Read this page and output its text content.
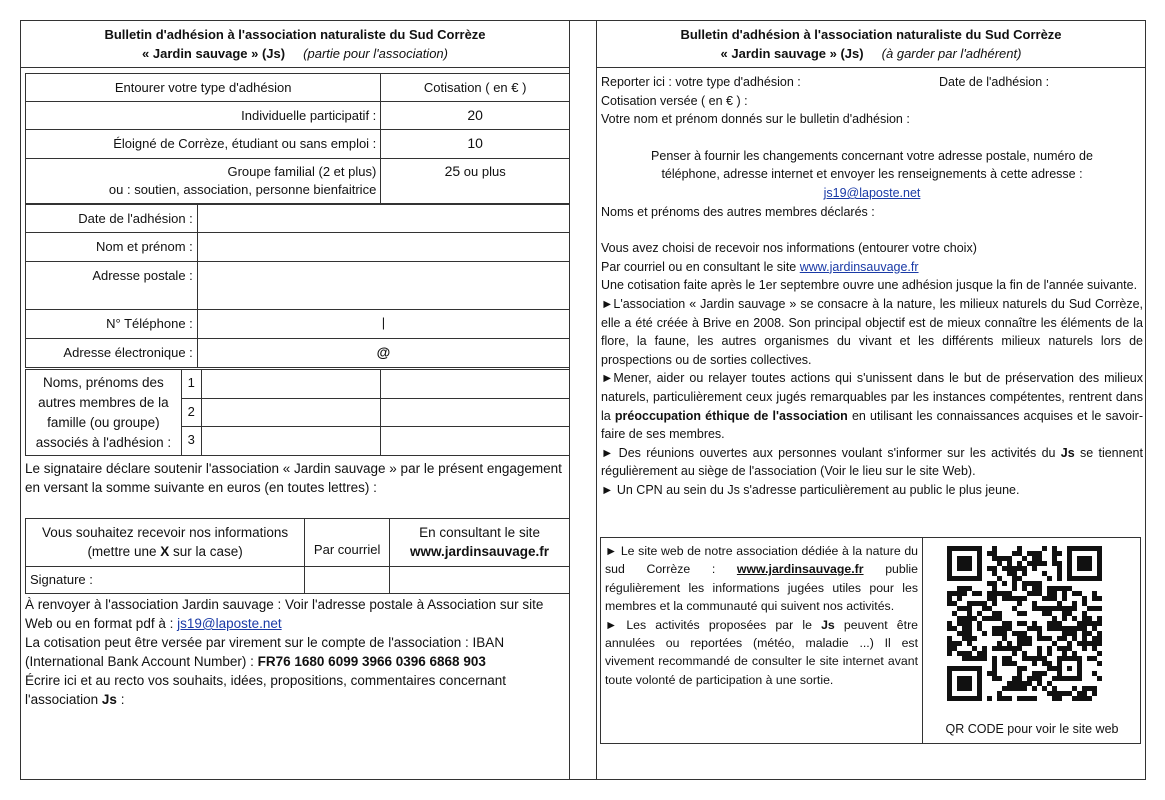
Bulletin d'adhésion à l'association naturaliste du Sud Corrèze
« Jardin sauvage » (Js) (partie pour l'association)
Entourer votre type d'adhésion	Cotisation ( en € )
Individuelle participatif :	20
Éloigné de Corrèze, étudiant ou sans emploi :	10
Groupe familial (2 et plus)
ou : soutien, association, personne bienfaitrice	25 ou plus
Date de l'adhésion :	
Nom et prénom :	
Adresse postale :	
N° Téléphone :	|
Adresse électronique :	@
Noms, prénoms des autres membres de la famille (ou groupe) associés à l'adhésion :	1		
	2		
	3		
Le signataire déclare soutenir l'association « Jardin sauvage » par le présent engagement en versant la somme suivante en euros (en toutes lettres) :
Vous souhaitez recevoir nos informations (mettre une X sur la case)	Par courriel	En consultant le site
www.jardinsauvage.fr
Signature :		
À renvoyer à l'association Jardin sauvage : Voir l'adresse postale à Association sur site Web ou en format pdf à : js19@laposte.net
La cotisation peut être versée par virement sur le compte de l'association : IBAN (International Bank Account Number) : FR76 1680 6099 3966 0396 6868 903
Écrire ici et au recto vos souhaits, idées, propositions, commentaires concernant l'association Js :
Bulletin d'adhésion à l'association naturaliste du Sud Corrèze
« Jardin sauvage » (Js) (à garder par l'adhérent)
Reporter ici : votre type d'adhésion :	Date de l'adhésion :
Cotisation versée ( en € ) :
Votre nom et prénom donnés sur le bulletin d'adhésion :
Penser à fournir les changements concernant votre adresse postale, numéro de téléphone, adresse internet et envoyer les renseignements à cette adresse :
js19@laposte.net
Noms et prénoms des autres membres déclarés :
Vous avez choisi de recevoir nos informations (entourer votre choix)
Par courriel ou en consultant le site www.jardinsauvage.fr
Une cotisation faite après le 1er septembre ouvre une adhésion jusque la fin de l'année suivante.
►L'association « Jardin sauvage » se consacre à la nature, les milieux naturels du Sud Corrèze, elle a été créée à Brive en 2008. Son principal objectif est de mieux connaître les éléments de la flore, la faune, les autres organismes du vivant et les différents milieux naturels lors de prospections ou de sorties collectives.
►Mener, aider ou relayer toutes actions qui s'unissent dans le but de préservation des milieux naturels, particulièrement ceux jugés remarquables par les instances compétentes, rentrent dans la préoccupation éthique de l'association en utilisant les connaissances acquises et le savoir-faire de ses membres.
► Des réunions ouvertes aux personnes voulant s'informer sur les activités du Js se tiennent régulièrement au siège de l'association (Voir le lieu sur le site Web).
► Un CPN au sein du Js s'adresse particulièrement au public le plus jeune.
► Le site web de notre association dédiée à la nature du sud Corrèze : www.jardinsauvage.fr publie régulièrement les informations jugées utiles pour les membres et la communauté qui suivent nos activités.
► Les activités proposées par le Js peuvent être annulées ou reportées (météo, maladie ...) Il est vivement recommandé de consulter le site internet avant toute volonté de participation à une sortie.
QR CODE pour voir le site web
